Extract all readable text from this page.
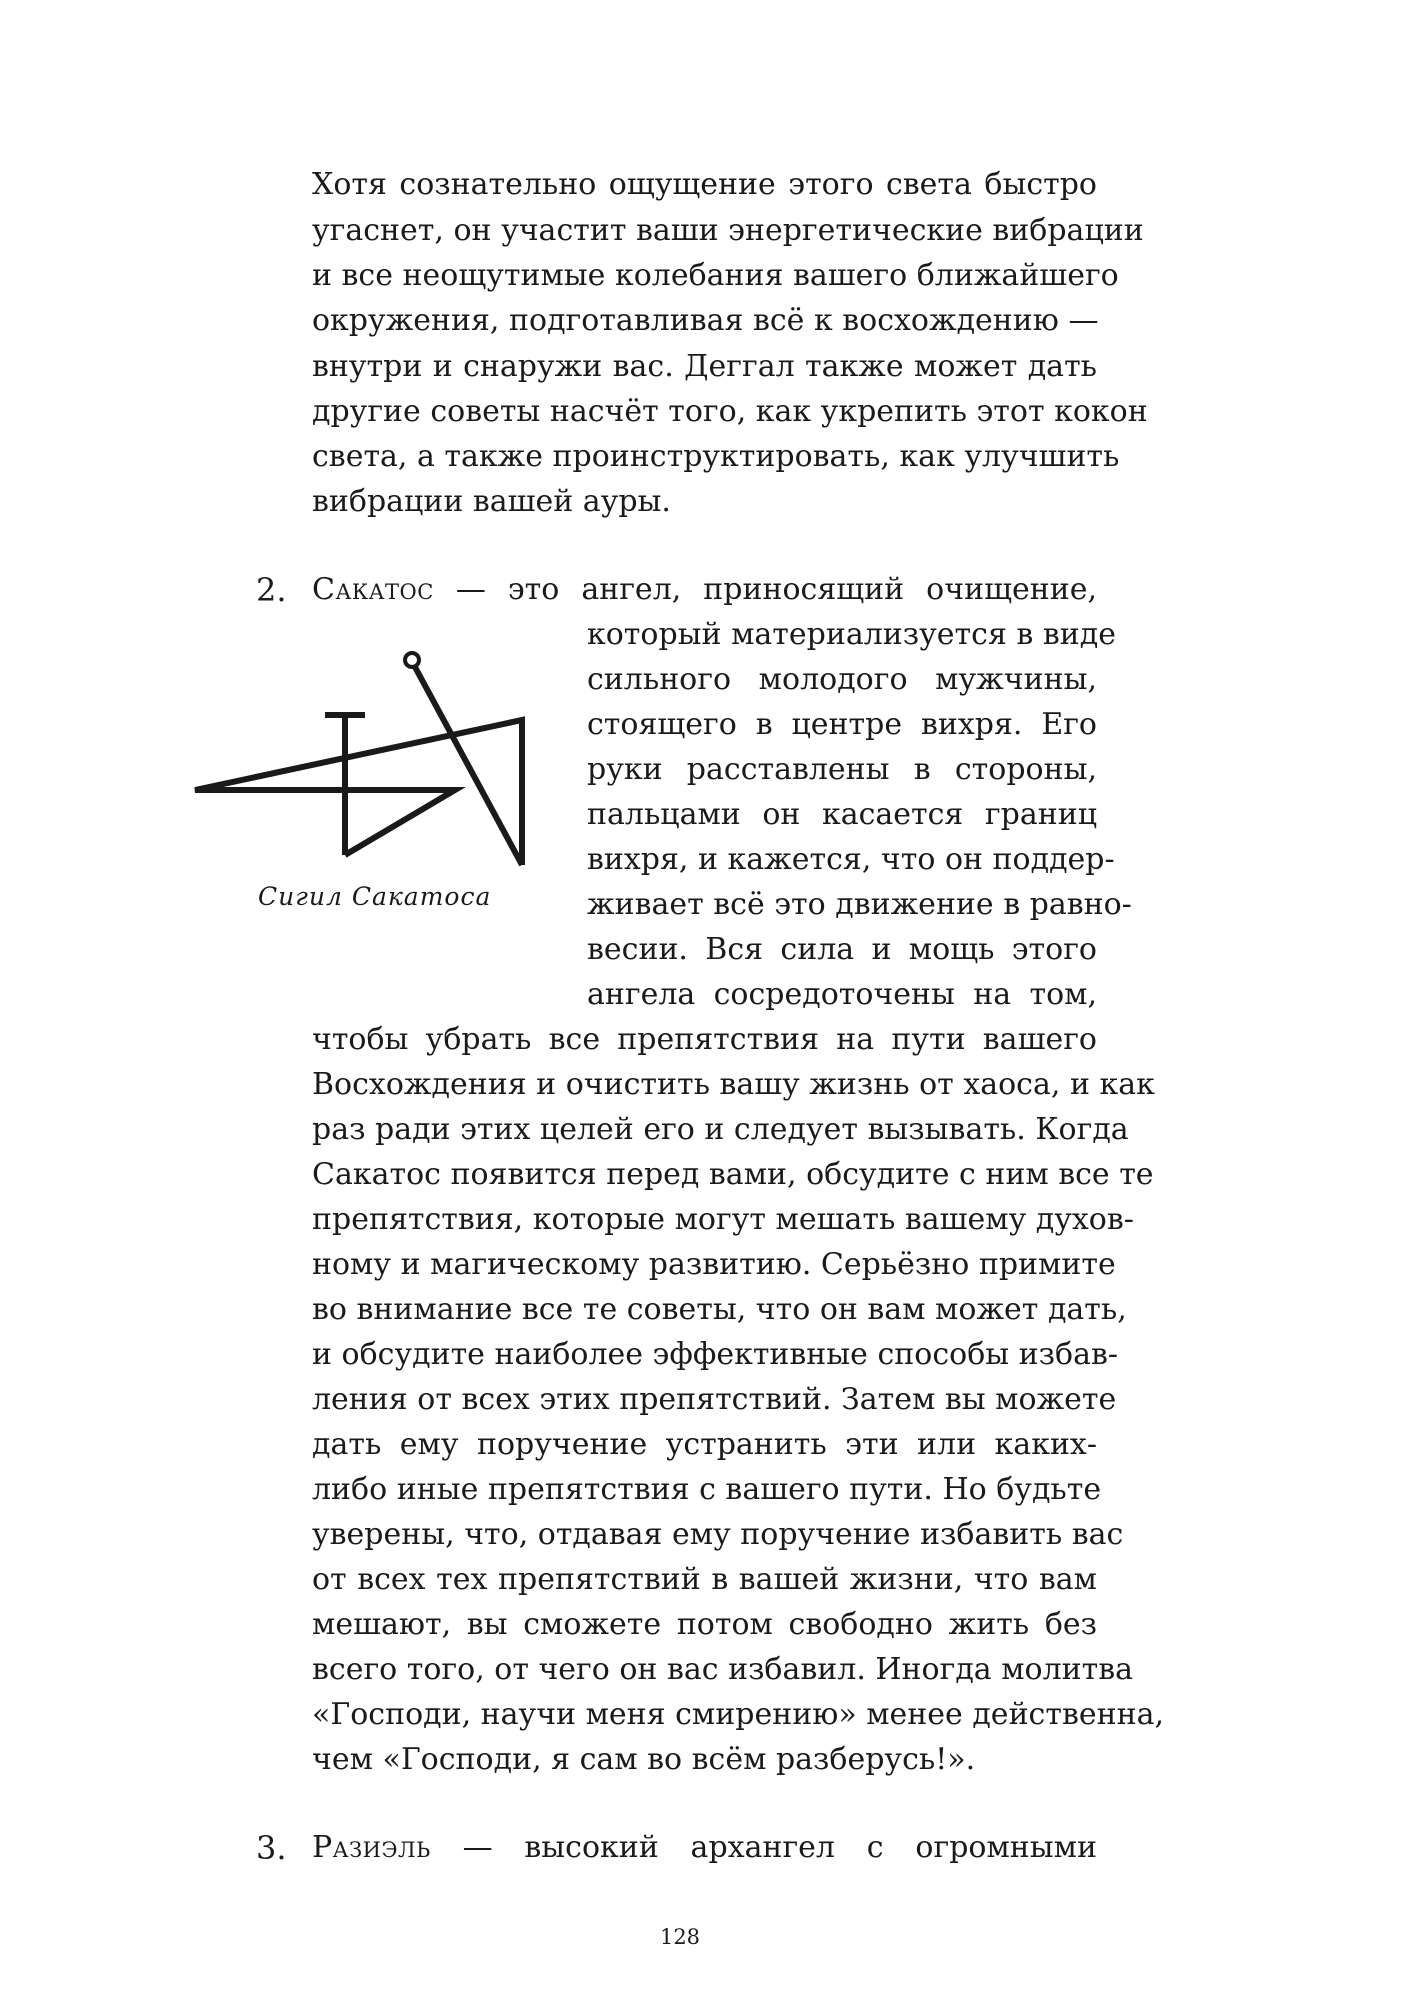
Хотя сознательно ощущение этого света быстро
угаснет, он участит ваши энергетические вибрации
и все неощутимые колебания вашего ближайшего
окружения, подготавливая всё к восхождению —
внутри и снаружи вас. Деггал также может дать
другие советы насчёт того, как укрепить этот кокон
света, а также проинструктировать, как улучшить
вибрации вашей ауры.
2. Сакатос — это ангел, приносящий очищение,
Сигил Сакатоса
который материализуется в виде
сильного молодого мужчины,
стоящего в центре вихря. Его
руки расставлены в стороны,
пальцами он касается границ
вихря, и кажется, что он поддер-
живает всё это движение в равно-
весии. Вся сила и мощь этого
ангела сосредоточены на том,
чтобы убрать все препятствия на пути вашего
Восхождения и очистить вашу жизнь от хаоса, и как
раз ради этих целей его и следует вызывать. Когда
Сакатос появится перед вами, обсудите с ним все те
препятствия, которые могут мешать вашему духов-
ному и магическому развитию. Серьёзно примите
во внимание все те советы, что он вам может дать,
и обсудите наиболее эффективные способы избав-
ления от всех этих препятствий. Затем вы можете
дать ему поручение устранить эти или каких-
либо иные препятствия с вашего пути. Но будьте
уверены, что, отдавая ему поручение избавить вас
от всех тех препятствий в вашей жизни, что вам
мешают, вы сможете потом свободно жить без
всего того, от чего он вас избавил. Иногда молитва
«Господи, научи меня смирению» менее действенна,
чем «Господи, я сам во всём разберусь!».
3. Разиэль — высокий архангел с огромными
128
